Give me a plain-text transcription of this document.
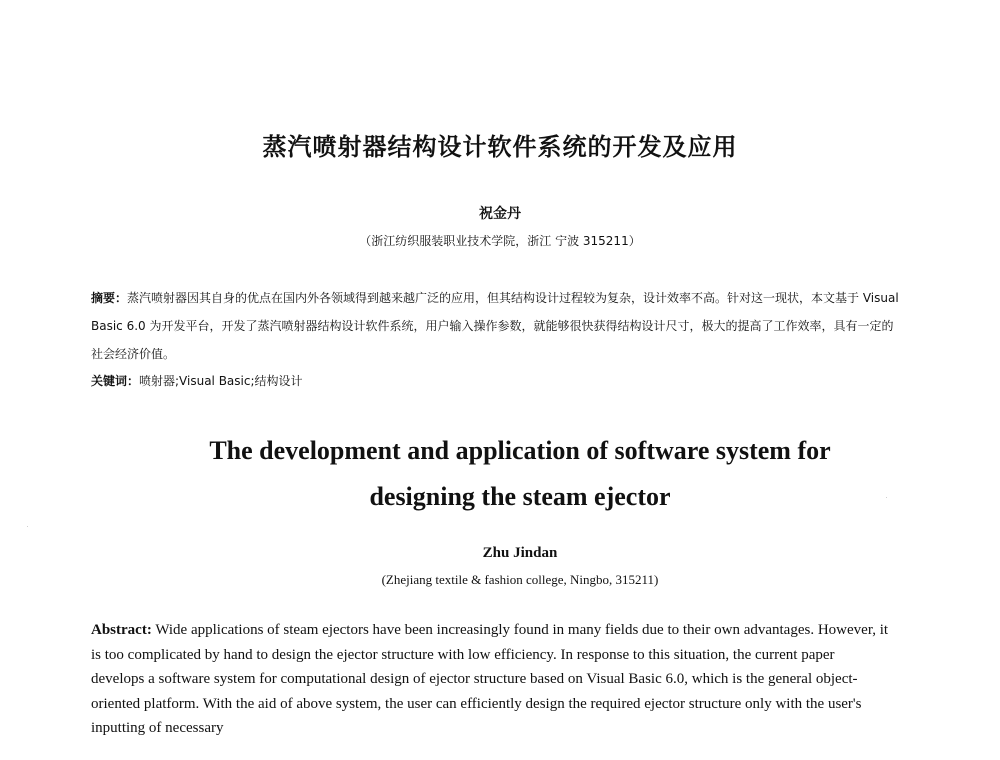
蒸汽喷射器结构设计软件系统的开发及应用
祝金丹
（浙江纺织服装职业技术学院，浙江 宁波 315211）
摘要：蒸汽喷射器因其自身的优点在国内外各领域得到越来越广泛的应用，但其结构设计过程较为复杂，设计效率不高。针对这一现状，本文基于 Visual Basic 6.0 为开发平台，开发了蒸汽喷射器结构设计软件系统，用户输入操作参数，就能够很快获得结构设计尺寸，极大的提高了工作效率，具有一定的社会经济价值。
关键词：喷射器;Visual Basic;结构设计
The development and application of software system for
designing the steam ejector
Zhu Jindan
(Zhejiang textile & fashion college, Ningbo, 315211)
Abstract: Wide applications of steam ejectors have been increasingly found in many fields due to their own advantages. However, it is too complicated by hand to design the ejector structure with low efficiency. In response to this situation, the current paper develops a software system for computational design of ejector structure based on Visual Basic 6.0, which is the general object-oriented platform. With the aid of above system, the user can efficiently design the required ejector structure only with the user's inputting of necessary
